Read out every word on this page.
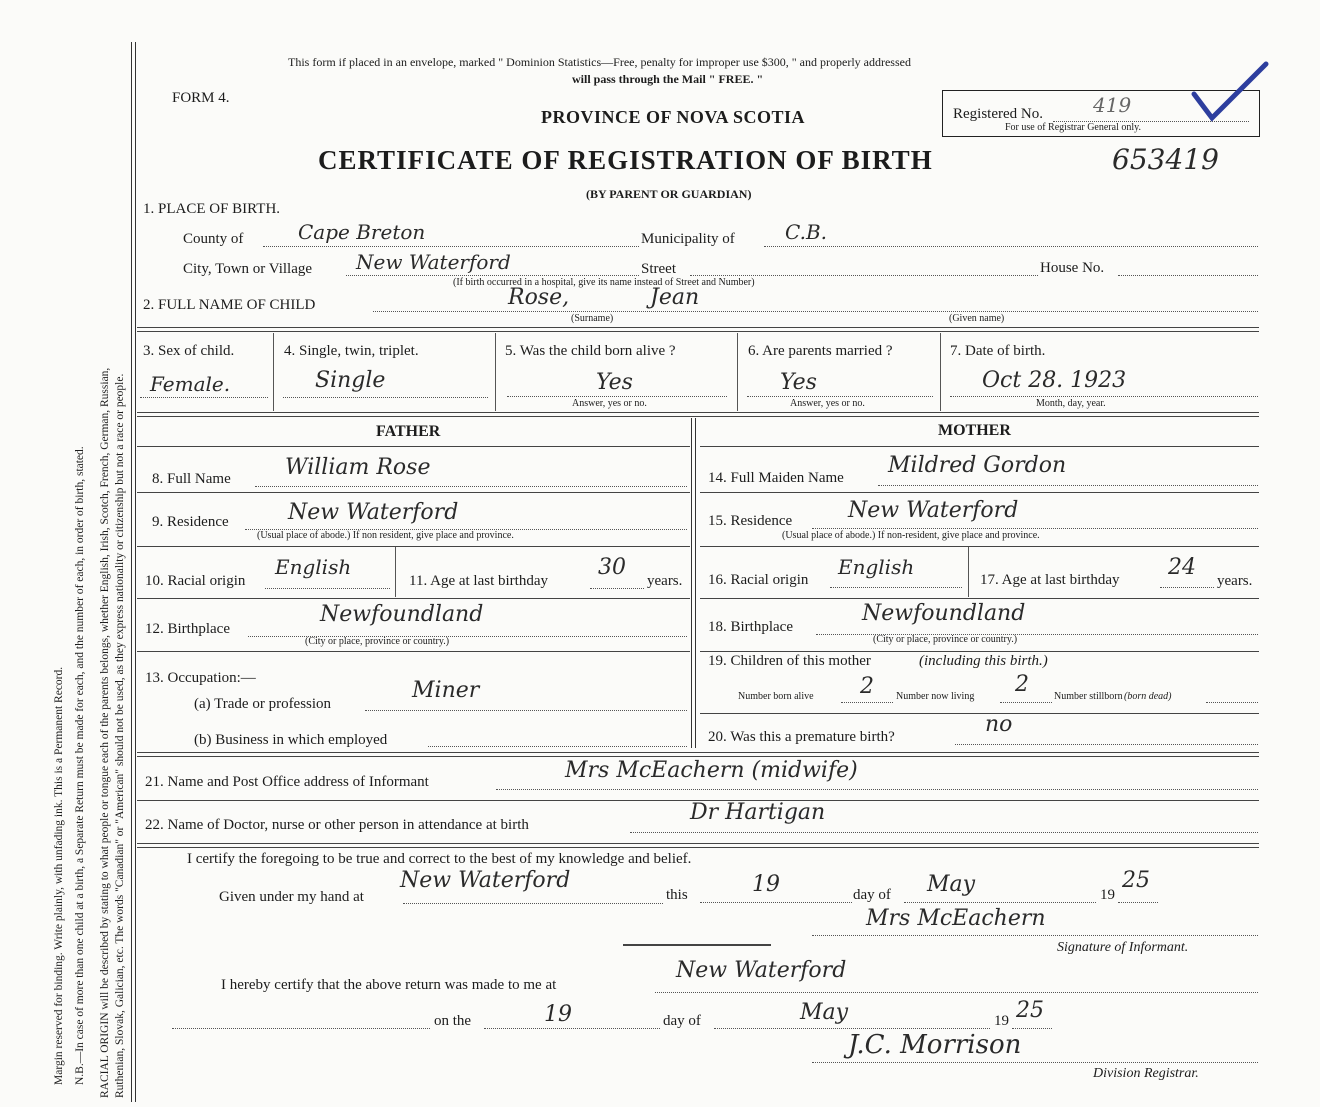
Margin reserved for binding. Write plainly, with unfading ink. This is a Permanent Record. N.B.—In case of more than one child at a birth, a Separate Return must be made for each, and the number of each, in order of birth, stated. RACIAL ORIGIN will be described by stating to what people or tongue each of the parents belongs, whether English, Irish, Scotch, French, German, Russian, Ruthenian, Slovak, Galician, etc. The words "Canadian" or "American" should not be used, as they express nationality or citizenship but not a race or people.
This form if placed in an envelope, marked " Dominion Statistics—Free, penalty for improper use $300, " and properly addressed
will pass through the Mail " FREE. "
FORM 4.
PROVINCE OF NOVA SCOTIA
CERTIFICATE OF REGISTRATION OF BIRTH
(BY PARENT OR GUARDIAN)
Registered No.	419
For use of Registrar General only.
653419
1. PLACE OF BIRTH.
County of	Cape Breton	Municipality of	C.B.
City, Town or Village New Waterford	Street	House No.
(If birth occurred in a hospital, give its name instead of Street and Number)
2. FULL NAME OF CHILD	Rose,	Jean
(Surname)	(Given name)
3. Sex of child.
Female.
4. Single, twin, triplet.
Single
5. Was the child born alive ?
Yes
Answer, yes or no.
6. Are parents married ?
Yes
Answer, yes or no.
7. Date of birth.
Oct 28. 1923
Month, day, year.
FATHER
8. Full Name William Rose
9. Residence	New Waterford
(Usual place of abode.) If non resident, give place and province.
10. Racial origin
English
11. Age at last birthday
30
years.
12. Birthplace
Newfoundland
(City or place, province or country.)
13. Occupation:—
(a) Trade or profession
Miner
(b) Business in which employed
MOTHER
14. Full Maiden Name Mildred Gordon
15. Residence	New Waterford
(Usual place of abode.) If non-resident, give place and province.
16. Racial origin
English
17. Age at last birthday 24
years.
18. Birthplace
Newfoundland
(City or place, province or country.)
19. Children of this mother	(including this birth.)
Number born alive 2 Number now living 2	Number stillborn (born dead)
20. Was this a premature birth?	no
21. Name and Post Office address of Informant	Mrs McEachern (midwife)
22. Name of Doctor, nurse or other person in attendance at birth	Dr Hartigan
I certify the foregoing to be true and correct to the best of my knowledge and belief.
Given under my hand at
New Waterford
this	19	day of May	19
25
Mrs McEachern
Signature of Informant.
I hereby certify that the above return was made to me at
New Waterford
on the	19	day of	May	19 25
J.C. Morrison
Division Registrar.
